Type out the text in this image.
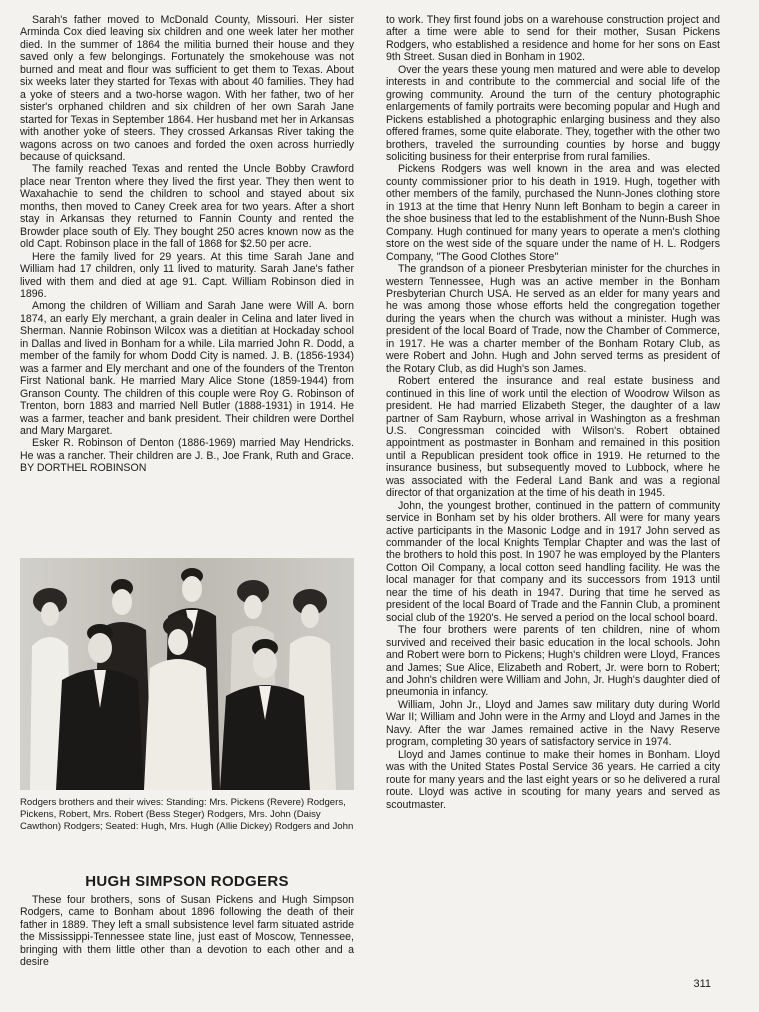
Sarah's father moved to McDonald County, Missouri. Her sister Arminda Cox died leaving six children and one week later her mother died. In the summer of 1864 the militia burned their house and they saved only a few belongings. Fortunately the smokehouse was not burned and meat and flour was sufficient to get them to Texas. About six weeks later they started for Texas with about 40 families. They had a yoke of steers and a two-horse wagon. With her father, two of her sister's orphaned children and six children of her own Sarah Jane started for Texas in September 1864. Her husband met her in Arkansas with another yoke of steers. They crossed Arkansas River taking the wagons across on two canoes and forded the oxen across hurriedly because of quicksand.

The family reached Texas and rented the Uncle Bobby Crawford place near Trenton where they lived the first year. They then went to Waxahachie to send the children to school and stayed about six months, then moved to Caney Creek area for two years. After a short stay in Arkansas they returned to Fannin County and rented the Browder place south of Ely. They bought 250 acres known now as the old Capt. Robinson place in the fall of 1868 for $2.50 per acre.

Here the family lived for 29 years. At this time Sarah Jane and William had 17 children, only 11 lived to maturity. Sarah Jane's father lived with them and died at age 91. Capt. William Robinson died in 1896.

Among the children of William and Sarah Jane were Will A. born 1874, an early Ely merchant, a grain dealer in Celina and later lived in Sherman. Nannie Robinson Wilcox was a dietitian at Hockaday school in Dallas and lived in Bonham for a while. Lila married John R. Dodd, a member of the family for whom Dodd City is named. J. B. (1856-1934) was a farmer and Ely merchant and one of the founders of the Trenton First National bank. He married Mary Alice Stone (1859-1944) from Granson County. The children of this couple were Roy G. Robinson of Trenton, born 1883 and married Nell Butler (1888-1931) in 1914. He was a farmer, teacher and bank president. Their children were Dorthel and Mary Margaret.

Esker R. Robinson of Denton (1886-1969) married May Hendricks. He was a rancher. Their children are J. B., Joe Frank, Ruth and Grace. BY DORTHEL ROBINSON

Rodgers brothers and their wives: Standing: Mrs. Pickens (Revere) Rodgers, Pickens, Robert, Mrs. Robert (Bess Steger) Rodgers, Mrs. John (Daisy Cawthon) Rodgers; Seated: Hugh, Mrs. Hugh (Allie Dickey) Rodgers and John
HUGH SIMPSON RODGERS

These four brothers, sons of Susan Pickens and Hugh Simpson Rodgers, came to Bonham about 1896 following the death of their father in 1889. They left a small subsistence level farm situated astride the Mississippi-Tennessee state line, just east of Moscow, Tennessee, bringing with them little other than a devotion to each other and a desire

to work. They first found jobs on a warehouse construction project and after a time were able to send for their mother, Susan Pickens Rodgers, who established a residence and home for her sons on East 9th Street. Susan died in Bonham in 1902.

Over the years these young men matured and were able to develop interests in and contribute to the commercial and social life of the growing community. Around the turn of the century photographic enlargements of family portraits were becoming popular and Hugh and Pickens established a photographic enlarging business and they also offered frames, some quite elaborate. They, together with the other two brothers, traveled the surrounding counties by horse and buggy soliciting business for their enterprise from rural families.

Pickens Rodgers was well known in the area and was elected county commissioner prior to his death in 1919. Hugh, together with other members of the family, purchased the Nunn-Jones clothing store in 1913 at the time that Henry Nunn left Bonham to begin a career in the shoe business that led to the establishment of the Nunn-Bush Shoe Company. Hugh continued for many years to operate a men's clothing store on the west side of the square under the name of H. L. Rodgers Company, "The Good Clothes Store"

The grandson of a pioneer Presbyterian minister for the churches in western Tennessee, Hugh was an active member in the Bonham Presbyterian Church USA. He served as an elder for many years and he was among those whose efforts held the congregation together during the years when the church was without a minister. Hugh was president of the local Board of Trade, now the Chamber of Commerce, in 1917. He was a charter member of the Bonham Rotary Club, as were Robert and John. Hugh and John served terms as president of the Rotary Club, as did Hugh's son James.

Robert entered the insurance and real estate business and continued in this line of work until the election of Woodrow Wilson as president. He had married Elizabeth Steger, the daughter of a law partner of Sam Rayburn, whose arrival in Washington as a freshman U.S. Congressman coincided with Wilson's. Robert obtained appointment as postmaster in Bonham and remained in this position until a Republican president took office in 1919. He returned to the insurance business, but subsequently moved to Lubbock, where he was associated with the Federal Land Bank and was a regional director of that organization at the time of his death in 1945.

John, the youngest brother, continued in the pattern of community service in Bonham set by his older brothers. All were for many years active participants in the Masonic Lodge and in 1917 John served as commander of the local Knights Templar Chapter and was the last of the brothers to hold this post. In 1907 he was employed by the Planters Cotton Oil Company, a local cotton seed handling facility. He was the local manager for that company and its successors from 1913 until near the time of his death in 1947. During that time he served as president of the local Board of Trade and the Fannin Club, a prominent social club of the 1920's. He served a period on the local school board.

The four brothers were parents of ten children, nine of whom survived and received their basic education in the local schools. John and Robert were born to Pickens; Hugh's children were Lloyd, Frances and James; Sue Alice, Elizabeth and Robert, Jr. were born to Robert; and John's children were William and John, Jr. Hugh's daughter died of pneumonia in infancy.

William, John Jr., Lloyd and James saw military duty during World War II; William and John were in the Army and Lloyd and James in the Navy. After the war James remained active in the Navy Reserve program, completing 30 years of satisfactory service in 1974.

Lloyd and James continue to make their homes in Bonham. Lloyd was with the United States Postal Service 36 years. He carried a city route for many years and the last eight years or so he delivered a rural route. Lloyd was active in scouting for many years and served as scoutmaster.

311
